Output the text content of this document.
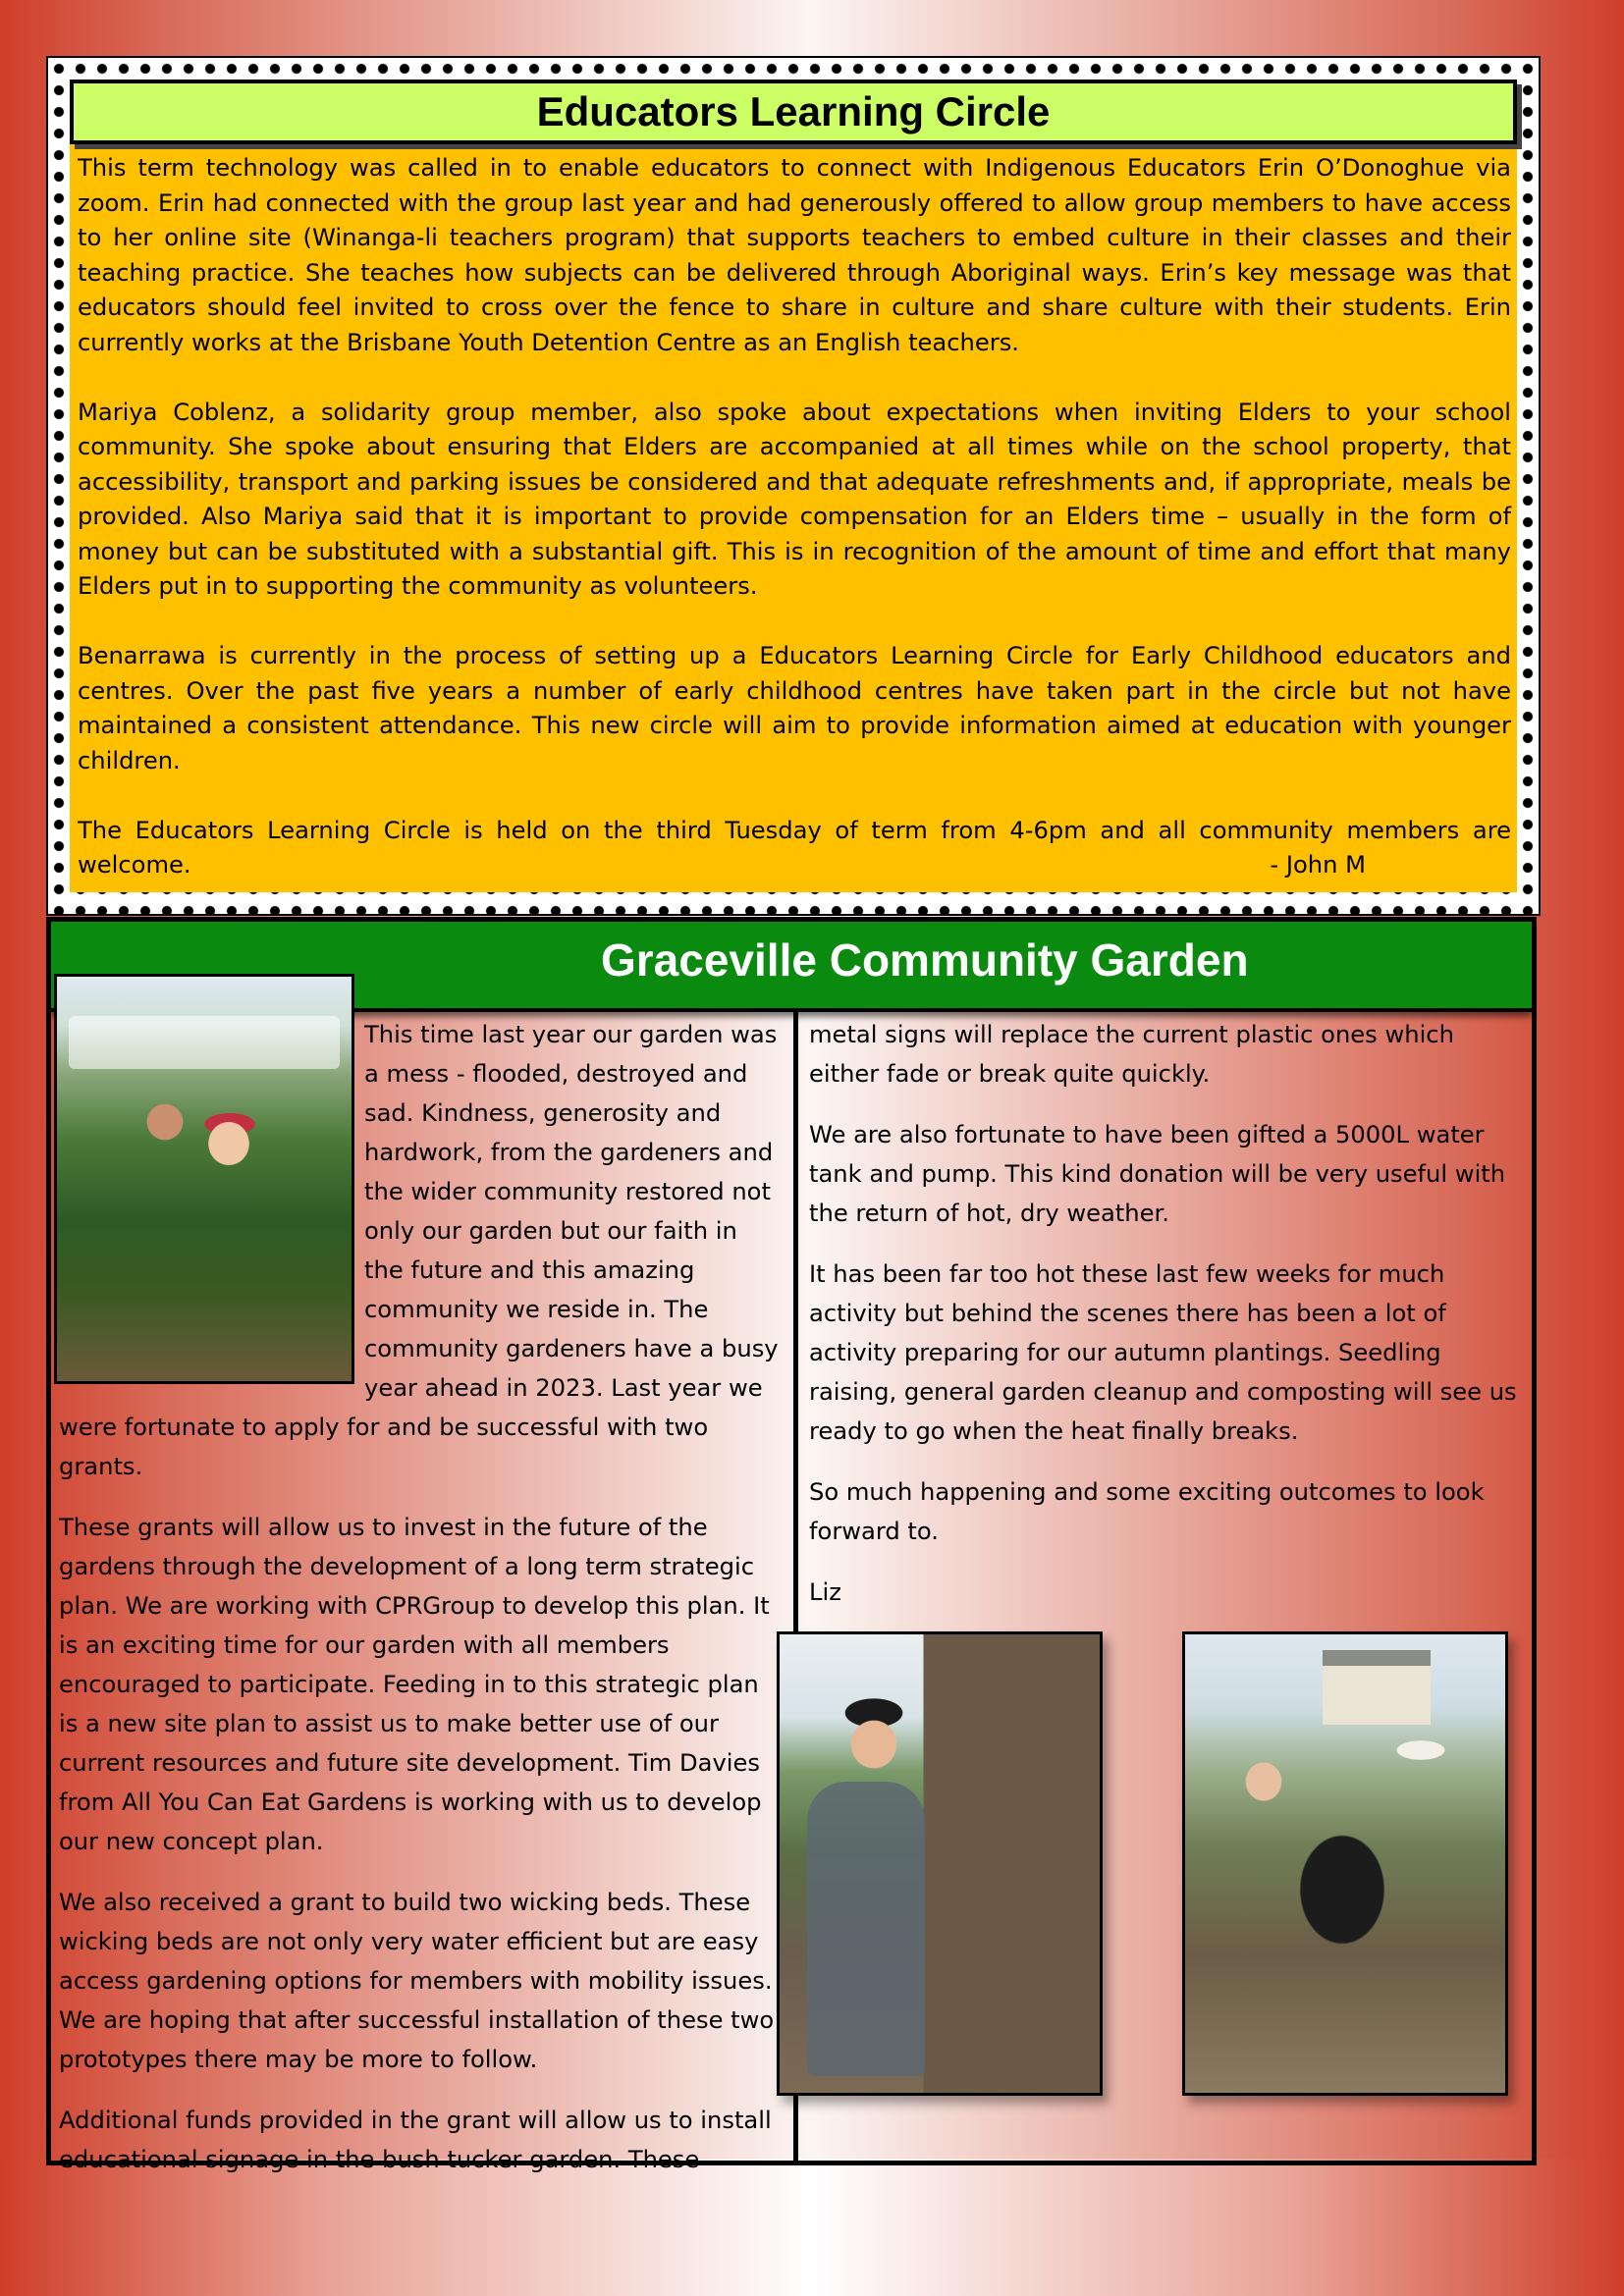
Educators Learning Circle

This term technology was called in to enable educators to connect with Indigenous Educators Erin O’Donoghue via zoom. Erin had connected with the group last year and had generously offered to allow group members to have access to her online site (Winanga-li teachers program) that supports teachers to embed culture in their classes and their teaching practice. She teaches how subjects can be delivered through Aboriginal ways. Erin’s key message was that educators should feel invited to cross over the fence to share in culture and share culture with their students. Erin currently works at the Brisbane Youth Detention Centre as an English teachers.

Mariya Coblenz, a solidarity group member, also spoke about expectations when inviting Elders to your school community. She spoke about ensuring that Elders are accompanied at all times while on the school property, that accessibility, transport and parking issues be considered and that adequate refreshments and, if appropriate, meals be provided. Also Mariya said that it is important to provide compensation for an Elders time – usually in the form of money but can be substituted with a substantial gift. This is in recognition of the amount of time and effort that many Elders put in to supporting the community as volunteers.

Benarrawa is currently in the process of setting up a Educators Learning Circle for Early Childhood educators and centres. Over the past five years a number of early childhood centres have taken part in the circle but not have maintained a consistent attendance. This new circle will aim to provide information aimed at education with younger children.

The Educators Learning Circle is held on the third Tuesday of term from 4-6pm and all community members are welcome.	- John M

Graceville Community Garden

This time last year our garden was a mess - flooded, destroyed and sad. Kindness, generosity and hardwork, from the gardeners and the wider community restored not only our garden but our faith in the future and this amazing community we reside in. The community gardeners have a busy year ahead in 2023. Last year we were fortunate to apply for and be successful with two grants.

These grants will allow us to invest in the future of the gardens through the development of a long term strategic plan. We are working with CPRGroup to develop this plan. It is an exciting time for our garden with all members encouraged to participate. Feeding in to this strategic plan is a new site plan to assist us to make better use of our current resources and future site development. Tim Davies from All You Can Eat Gardens is working with us to develop our new concept plan.

We also received a grant to build two wicking beds. These wicking beds are not only very water efficient but are easy access gardening options for members with mobility issues. We are hoping that after successful installation of these two prototypes there may be more to follow.

Additional funds provided in the grant will allow us to install educational signage in the bush tucker garden. These

metal signs will replace the current plastic ones which either fade or break quite quickly.

We are also fortunate to have been gifted a 5000L water tank and pump. This kind donation will be very useful with the return of hot, dry weather.

It has been far too hot these last few weeks for much activity but behind the scenes there has been a lot of activity preparing for our autumn plantings. Seedling raising, general garden cleanup and composting will see us ready to go when the heat finally breaks.

So much happening and some exciting outcomes to look forward to.

Liz
